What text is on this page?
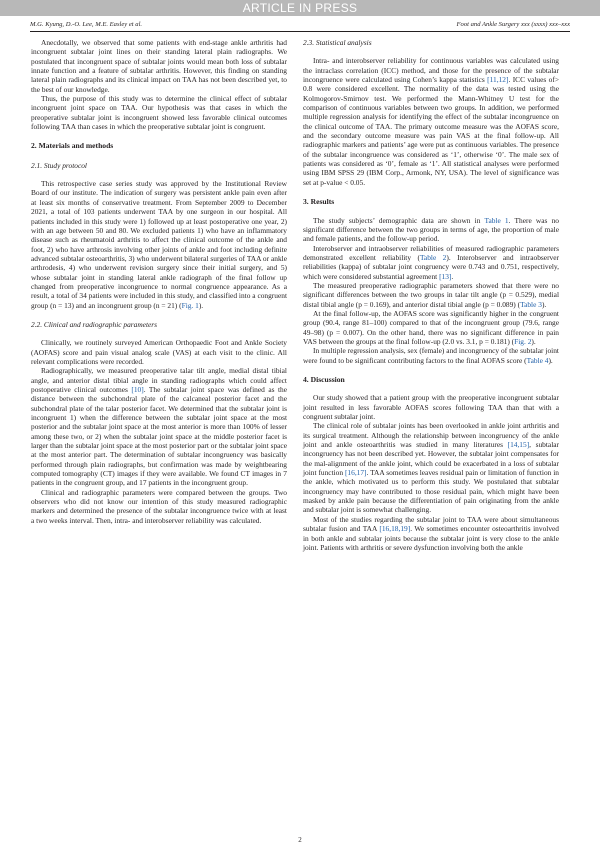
ARTICLE IN PRESS
M.G. Kyung, D.-O. Lee, M.E. Easley et al.	Foot and Ankle Surgery xxx (xxxx) xxx–xxx

Anecdotally, we observed that some patients with end-stage ankle arthritis had incongruent subtalar joint lines on their standing lateral plain radiographs. We postulated that incongruent space of subtalar joints would mean both loss of subtalar innate function and a feature of subtalar arthritis. However, this finding on standing lateral plain radiographs and its clinical impact on TAA has not been described yet, to the best of our knowledge.

Thus, the purpose of this study was to determine the clinical effect of subtalar incongruent joint space on TAA. Our hypothesis was that cases in which the preoperative subtalar joint is incongruent showed less favorable clinical outcomes following TAA than cases in which the preoperative subtalar joint is congruent.

2. Materials and methods
2.1. Study protocol

This retrospective case series study was approved by the Institutional Review Board of our institute. The indication of surgery was persistent ankle pain even after at least six months of conservative treatment. From September 2009 to December 2021, a total of 103 patients underwent TAA by one surgeon in our hospital. All patients included in this study were 1) followed up at least postoperative one year, 2) with an age between 50 and 80. We excluded patients 1) who have an inflammatory disease such as rheumatoid arthritis to affect the clinical outcome of the ankle and foot, 2) who have arthrosis involving other joints of ankle and foot including definite advanced subtalar osteoarthritis, 3) who underwent bilateral surgeries of TAA or ankle arthrodesis, 4) who underwent revision surgery since their initial surgery, and 5) whose subtalar joint in standing lateral ankle radiograph of the final follow up changed from preoperative incongruence to normal congruence appearance. As a result, a total of 34 patients were included in this study, and classified into a congruent group (n = 13) and an incongruent group (n = 21) (Fig. 1).

2.2. Clinical and radiographic parameters

Clinically, we routinely surveyed American Orthopaedic Foot and Ankle Society (AOFAS) score and pain visual analog scale (VAS) at each visit to the clinic. All relevant complications were recorded.

Radiographically, we measured preoperative talar tilt angle, medial distal tibial angle, and anterior distal tibial angle in standing radiographs which could affect postoperative clinical outcomes [10]. The subtalar joint space was defined as the distance between the subchondral plate of the calcaneal posterior facet and the subchondral plate of the talar posterior facet. We determined that the subtalar joint is incongruent 1) when the difference between the subtalar joint space at the most posterior and the subtalar joint space at the most anterior is more than 100% of lesser among these two, or 2) when the subtalar joint space at the middle posterior facet is larger than the subtalar joint space at the most posterior part or the subtalar joint space at the most anterior part. The determination of subtalar incongruency was basically performed through plain radiographs, but confirmation was made by weightbearing computed tomography (CT) images if they were available. We found CT images in 7 patients in the congruent group, and 17 patients in the incongruent group.

Clinical and radiographic parameters were compared between the groups. Two observers who did not know our intention of this study measured radiographic markers and determined the presence of the subtalar incongruence twice with at least a two weeks interval. Then, intra- and interobserver reliability was calculated.

2.3. Statistical analysis

Intra- and interobserver reliability for continuous variables was calculated using the intraclass correlation (ICC) method, and those for the presence of the subtalar incongruence were calculated using Cohen’s kappa statistics [11,12]. ICC values of> 0.8 were considered excellent. The normality of the data was tested using the Kolmogorov-Smirnov test. We performed the Mann-Whitney U test for the comparison of continuous variables between two groups. In addition, we performed multiple regression analysis for identifying the effect of the subtalar incongruence on the clinical outcome of TAA. The primary outcome measure was the AOFAS score, and the secondary outcome measure was pain VAS at the final follow-up. All radiographic markers and patients’ age were put as continuous variables. The presence of the subtalar incongruence was considered as ‘1’, otherwise ‘0’. The male sex of patients was considered as ‘0’, female as ‘1’. All statistical analyses were performed using IBM SPSS 29 (IBM Corp., Armonk, NY, USA). The level of significance was set at p-value < 0.05.

3. Results

The study subjects’ demographic data are shown in Table 1. There was no significant difference between the two groups in terms of age, the proportion of male and female patients, and the follow-up period.

Interobserver and intraobserver reliabilities of measured radiographic parameters demonstrated excellent reliability (Table 2). Interobserver and intraobserver reliabilities (kappa) of subtalar joint congruency were 0.743 and 0.751, respectively, which were considered substantial agreement [13].

The measured preoperative radiographic parameters showed that there were no significant differences between the two groups in talar tilt angle (p = 0.529), medial distal tibial angle (p = 0.169), and anterior distal tibial angle (p = 0.089) (Table 3).

At the final follow-up, the AOFAS score was significantly higher in the congruent group (90.4, range 81–100) compared to that of the incongruent group (79.6, range 49–98) (p = 0.007). On the other hand, there was no significant difference in pain VAS between the groups at the final follow-up (2.0 vs. 3.1, p = 0.181) (Fig. 2).

In multiple regression analysis, sex (female) and incongruency of the subtalar joint were found to be significant contributing factors to the final AOFAS score (Table 4).

4. Discussion

Our study showed that a patient group with the preoperative incongruent subtalar joint resulted in less favorable AOFAS scores following TAA than that with a congruent subtalar joint.

The clinical role of subtalar joints has been overlooked in ankle joint arthritis and its surgical treatment. Although the relationship between incongruency of the ankle joint and ankle osteoarthritis was studied in many literatures [14,15], subtalar incongruency has not been described yet. However, the subtalar joint compensates for the mal-alignment of the ankle joint, which could be exacerbated in a loss of subtalar joint function [16,17]. TAA sometimes leaves residual pain or limitation of function in the ankle, which motivated us to perform this study. We postulated that subtalar incongruency may have contributed to those residual pain, which might have been masked by ankle pain because the differentiation of pain originating from the ankle and subtalar joint is somewhat challenging.

Most of the studies regarding the subtalar joint to TAA were about simultaneous subtalar fusion and TAA [16,18,19]. We sometimes encounter osteoarthritis involved in both ankle and subtalar joints because the subtalar joint is very close to the ankle joint. Patients with arthritis or severe dysfunction involving both the ankle

2
